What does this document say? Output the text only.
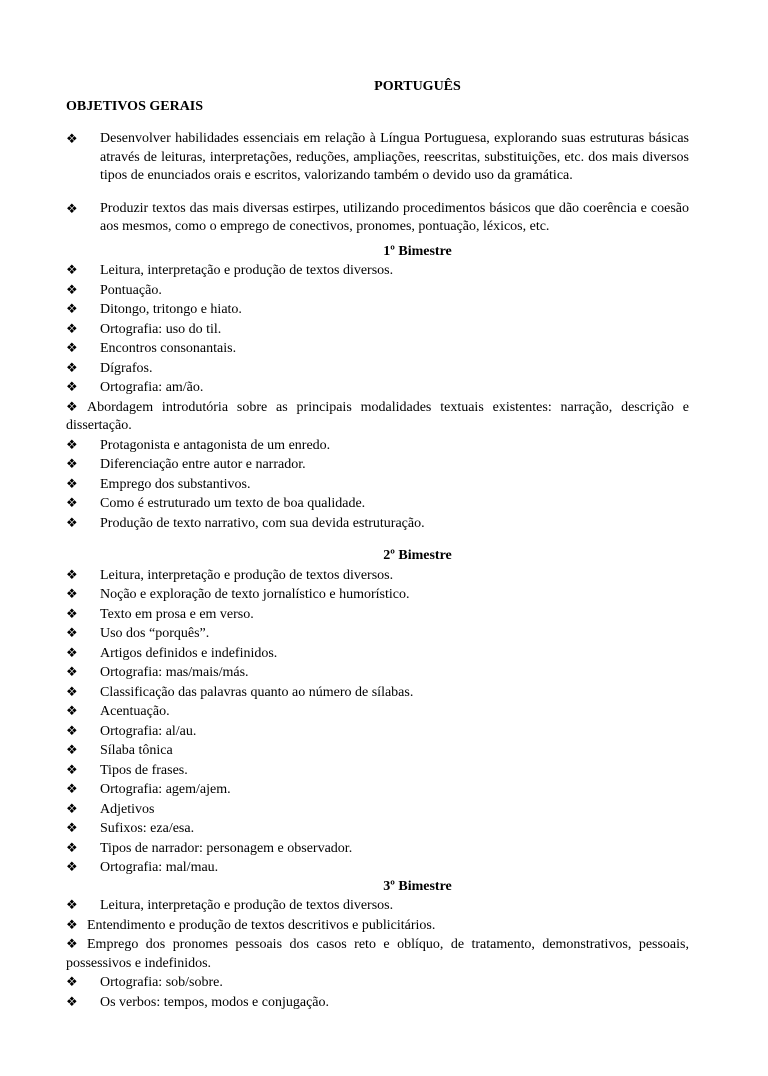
PORTUGUÊS
OBJETIVOS GERAIS
❖	Desenvolver habilidades essenciais em relação à Língua Portuguesa, explorando suas estruturas básicas através de leituras, interpretações, reduções, ampliações, reescritas, substituições, etc. dos mais diversos tipos de enunciados orais e escritos, valorizando também o devido uso da gramática.
❖	Produzir textos das mais diversas estirpes, utilizando procedimentos básicos que dão coerência e coesão aos mesmos, como o emprego de conectivos, pronomes, pontuação, léxicos, etc.
1º Bimestre
❖ Leitura, interpretação e produção de textos diversos.
❖ Pontuação.
❖ Ditongo, tritongo e hiato.
❖ Ortografia: uso do til.
❖ Encontros consonantais.
❖ Dígrafos.
❖ Ortografia: am/ão.
❖ Abordagem introdutória sobre as principais modalidades textuais existentes: narração, descrição e dissertação.
❖ Protagonista e antagonista de um enredo.
❖ Diferenciação entre autor e narrador.
❖ Emprego dos substantivos.
❖ Como é estruturado um texto de boa qualidade.
❖ Produção de texto narrativo, com sua devida estruturação.
2º Bimestre
❖ Leitura, interpretação e produção de textos diversos.
❖ Noção e exploração de texto jornalístico e humorístico.
❖ Texto em prosa e em verso.
❖ Uso dos “porquês”.
❖ Artigos definidos e indefinidos.
❖ Ortografia: mas/mais/más.
❖ Classificação das palavras quanto ao número de sílabas.
❖ Acentuação.
❖ Ortografia: al/au.
❖ Sílaba tônica
❖ Tipos de frases.
❖ Ortografia: agem/ajem.
❖ Adjetivos
❖ Sufixos: eza/esa.
❖ Tipos de narrador: personagem e observador.
❖ Ortografia: mal/mau.
3º Bimestre
❖ Leitura, interpretação e produção de textos diversos.
❖ Entendimento e produção de textos descritivos e publicitários.
❖ Emprego dos pronomes pessoais dos casos reto e oblíquo, de tratamento, demonstrativos, pessoais, possessivos e indefinidos.
❖ Ortografia: sob/sobre.
❖ Os verbos: tempos, modos e conjugação.
